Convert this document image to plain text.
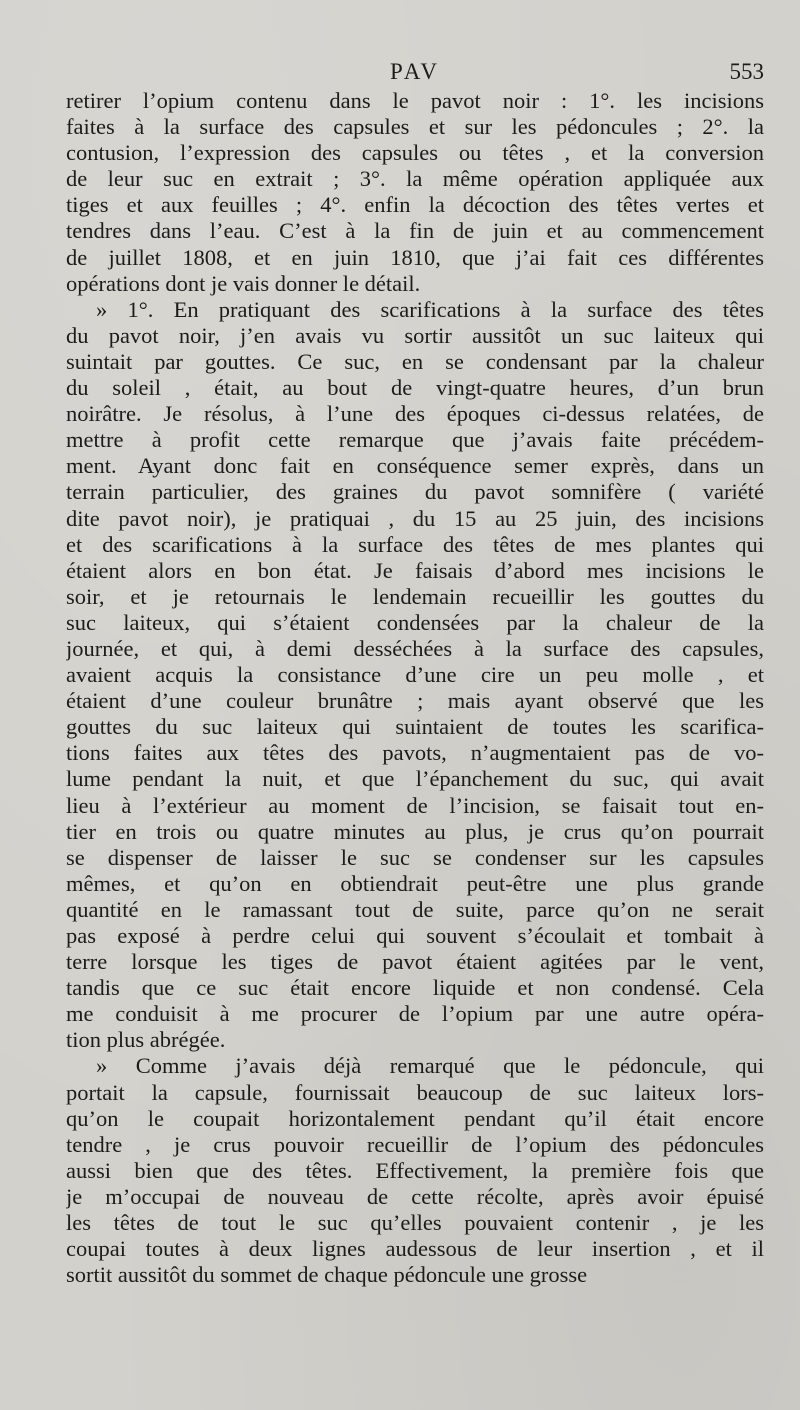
PAV	553
retirer l’opium contenu dans le pavot noir : 1°. les incisions
faites à la surface des capsules et sur les pédoncules ; 2°. la
contusion, l’expression des capsules ou têtes , et la conversion
de leur suc en extrait ; 3°. la même opération appliquée aux
tiges et aux feuilles ; 4°. enfin la décoction des têtes vertes et
tendres dans l’eau. C’est à la fin de juin et au commencement
de juillet 1808, et en juin 1810, que j’ai fait ces différentes
opérations dont je vais donner le détail.
» 1°. En pratiquant des scarifications à la surface des têtes
du pavot noir, j’en avais vu sortir aussitôt un suc laiteux qui
suintait par gouttes. Ce suc, en se condensant par la chaleur
du soleil , était, au bout de vingt-quatre heures, d’un brun
noirâtre. Je résolus, à l’une des époques ci-dessus relatées, de
mettre à profit cette remarque que j’avais faite précédem-
ment. Ayant donc fait en conséquence semer exprès, dans un
terrain particulier, des graines du pavot somnifère ( variété
dite pavot noir), je pratiquai , du 15 au 25 juin, des incisions
et des scarifications à la surface des têtes de mes plantes qui
étaient alors en bon état. Je faisais d’abord mes incisions le
soir, et je retournais le lendemain recueillir les gouttes du
suc laiteux, qui s’étaient condensées par la chaleur de la
journée, et qui, à demi desséchées à la surface des capsules,
avaient acquis la consistance d’une cire un peu molle , et
étaient d’une couleur brunâtre ; mais ayant observé que les
gouttes du suc laiteux qui suintaient de toutes les scarifica-
tions faites aux têtes des pavots, n’augmentaient pas de vo-
lume pendant la nuit, et que l’épanchement du suc, qui avait
lieu à l’extérieur au moment de l’incision, se faisait tout en-
tier en trois ou quatre minutes au plus, je crus qu’on pourrait
se dispenser de laisser le suc se condenser sur les capsules
mêmes, et qu’on en obtiendrait peut-être une plus grande
quantité en le ramassant tout de suite, parce qu’on ne serait
pas exposé à perdre celui qui souvent s’écoulait et tombait à
terre lorsque les tiges de pavot étaient agitées par le vent,
tandis que ce suc était encore liquide et non condensé. Cela
me conduisit à me procurer de l’opium par une autre opéra-
tion plus abrégée.
» Comme j’avais déjà remarqué que le pédoncule, qui
portait la capsule, fournissait beaucoup de suc laiteux lors-
qu’on le coupait horizontalement pendant qu’il était encore
tendre , je crus pouvoir recueillir de l’opium des pédoncules
aussi bien que des têtes. Effectivement, la première fois que
je m’occupai de nouveau de cette récolte, après avoir épuisé
les têtes de tout le suc qu’elles pouvaient contenir , je les
coupai toutes à deux lignes audessous de leur insertion , et il
sortit aussitôt du sommet de chaque pédoncule une grosse
